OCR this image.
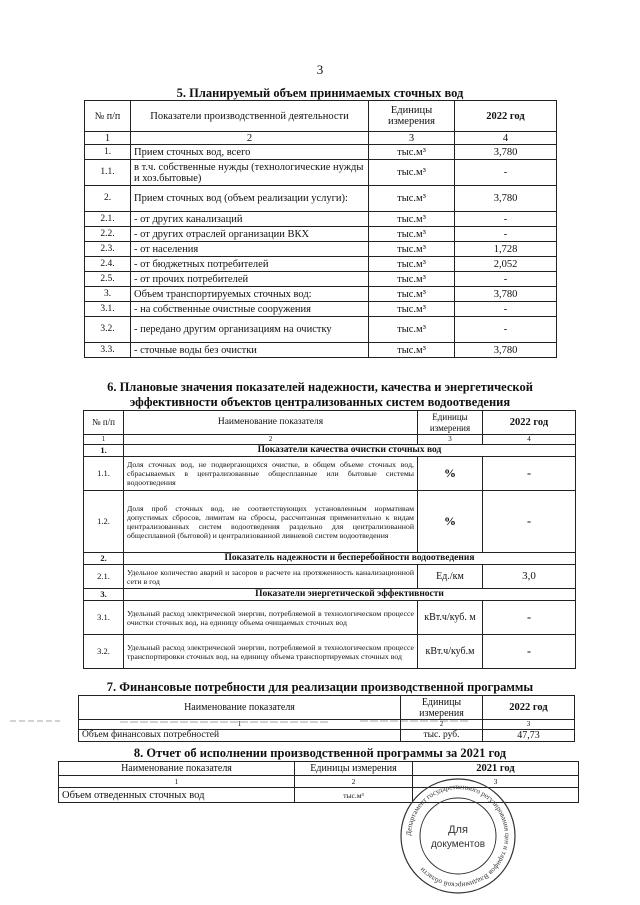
3
5. Планируемый объем принимаемых сточных вод
№ п/п	Показатели производственной деятельности	Единицы измерения	2022 год
1	2	3	4
1.	Прием сточных вод, всего	тыс.м³	3,780
1.1.	в т.ч. собственные нужды (технологические нужды и хоз.бытовые)	тыс.м³	-
2.	Прием сточных вод (объем реализации услуги):	тыс.м³	3,780
2.1.	- от других канализаций	тыс.м³	-
2.2.	- от других отраслей организации ВКХ	тыс.м³	-
2.3.	- от населения	тыс.м³	1,728
2.4.	- от бюджетных потребителей	тыс.м³	2,052
2.5.	- от прочих потребителей	тыс.м³	-
3.	Объем транспортируемых сточных вод:	тыс.м³	3,780
3.1.	- на собственные очистные сооружения	тыс.м³	-
3.2.	- передано другим организациям на очистку	тыс.м³	-
3.3.	- сточные воды без очистки	тыс.м³	3,780
6. Плановые значения показателей надежности, качества и энергетической
эффективности объектов централизованных систем водоотведения
№ п/п	Наименование показателя	Единицы измерения	2022 год
1	2	3	4
1.	Показатели качества очистки сточных вод		
1.1.	Доля сточных вод, не подвергающихся очистке, в общем объеме сточных вод, сбрасываемых в централизованные общесплавные или бытовые системы водоотведения	%	-
1.2.	Доля проб сточных вод, не соответствующих установленным нормативам допустимых сбросов, лимитам на сбросы, рассчитанная применительно к видам централизованных систем водоотведения раздельно для централизованной общесплавной (бытовой) и централизованной ливневой систем водоотведения	%	-
2.	Показатель надежности и бесперебойности водоотведения		
2.1.	Удельное количество аварий и засоров в расчете на протяженность канализационной сети в год	Ед./км	3,0
3.	Показатели энергетической эффективности		
3.1.	Удельный расход электрической энергии, потребляемой в технологическом процессе очистки сточных вод, на единицу объема очищаемых сточных вод	кВт.ч/куб. м	-
3.2.	Удельный расход электрической энергии, потребляемой в технологическом процессе транспортировки сточных вод, на единицу объема транспортируемых сточных вод	кВт.ч/куб.м	-
7. Финансовые потребности для реализации производственной программы
Наименование показателя	Единицы измерения	2022 год
1	2	3
Объем финансовых потребностей	тыс. руб.	47,73
8. Отчет об исполнении производственной программы за 2021 год
Наименование показателя	Единицы измерения	2021 год
1	2	3
Объем отведенных сточных вод	тыс.м³	
Департамент государственного регулирования цен и тарифов Владимирской области
Для
документов
